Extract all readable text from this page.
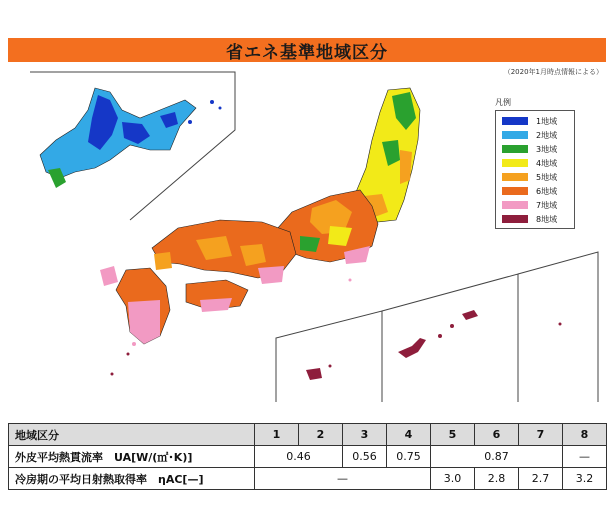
省エネ基準地域区分
（2020年1月時点情報による）
凡例
1地域
2地域
3地域
4地域
5地域
6地域
7地域
8地域
地域区分	1	2	3	4	5	6	7	8
外皮平均熱貫流率　UA[W/(㎡･K)]	0.46		0.56	0.75	0.87			—
冷房期の平均日射熱取得率　ηAC[—]	—				3.0	2.8	2.7	3.2
